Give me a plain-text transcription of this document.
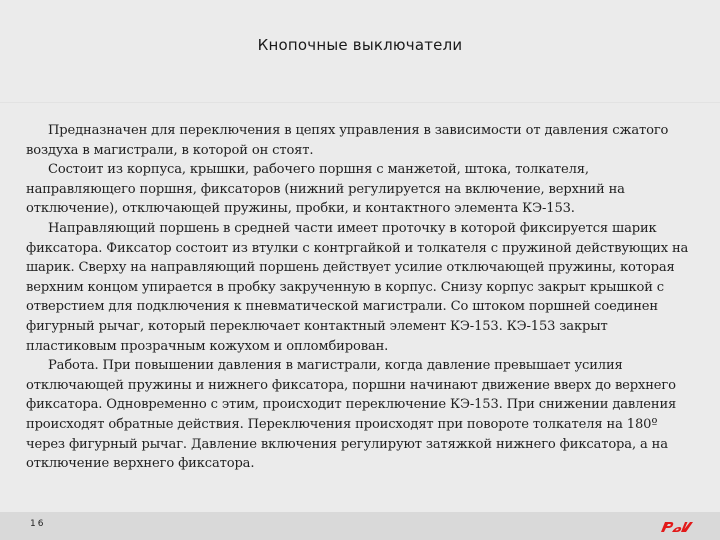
Кнопочные выключатели

Предназначен для переключения в цепях управления в зависимости от давления сжатого воздуха в магистрали, в которой он стоят.

Состоит из корпуса, крышки, рабочего поршня с манжетой, штока, толкателя, направляющего поршня, фиксаторов (нижний регулируется на включение, верхний на отключение), отключающей пружины, пробки, и контактного элемента КЭ-153.

Направляющий поршень в средней части имеет проточку в которой фиксируется шарик фиксатора. Фиксатор состоит из втулки с контргайкой и толкателя с пружиной действующих на шарик. Сверху на направляющий поршень действует усилие отключающей пружины, которая верхним концом упирается в пробку закрученную в корпус. Снизу корпус закрыт крышкой с отверстием для подключения к пневматической магистрали. Со штоком поршней соединен фигурный рычаг, который переключает контактный элемент КЭ-153. КЭ-153 закрыт пластиковым прозрачным кожухом и опломбирован.

Работа. При повышении давления в магистрали, когда давление превышает усилия отключающей пружины и нижнего фиксатора, поршни начинают движение вверх до верхнего фиксатора. Одновременно с этим, происходит переключение КЭ-153. При снижении давления происходят обратные действия. Переключения происходят при повороте толкателя на 180º через фигурный рычаг. Давление включения регулируют затяжкой нижнего фиксатора, а на отключение верхнего фиксатора.

16
